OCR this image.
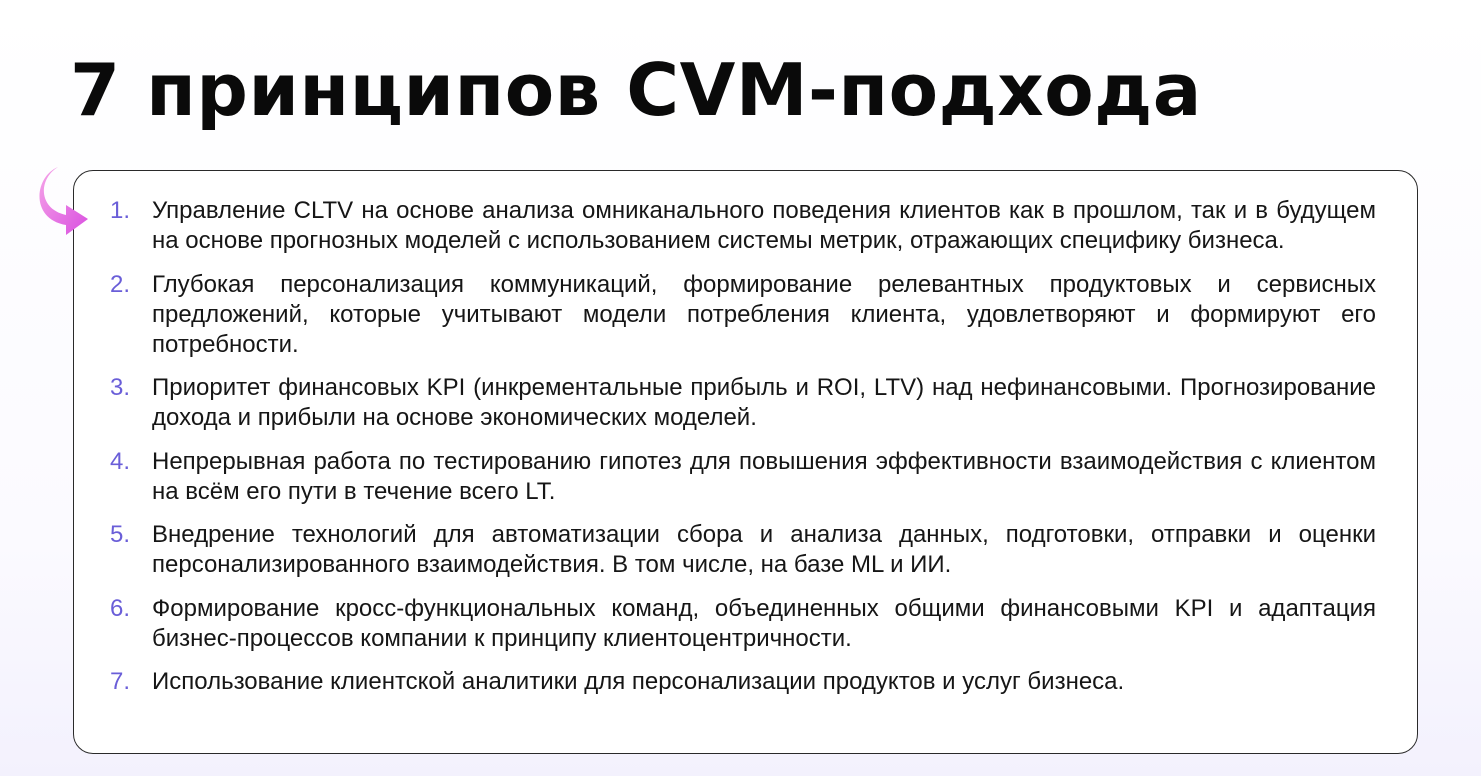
7 принципов CVM-подхода
1. Управление CLTV на основе анализа омниканального поведения клиентов как в прошлом, так и в будущем на основе прогнозных моделей с использованием системы метрик, отражающих специфику бизнеса.
2. Глубокая персонализация коммуникаций, формирование релевантных продуктовых и сервисных предложений, которые учитывают модели потребления клиента, удовлетворяют и формируют его потребности.
3. Приоритет финансовых KPI (инкрементальные прибыль и ROI, LTV) над нефинансовыми. Прогнозирование дохода и прибыли на основе экономических моделей.
4. Непрерывная работа по тестированию гипотез для повышения эффективности взаимодействия с клиентом на всём его пути в течение всего LT.
5. Внедрение технологий для автоматизации сбора и анализа данных, подготовки, отправки и оценки персонализированного взаимодействия. В том числе, на базе ML и ИИ.
6. Формирование кросс-функциональных команд, объединенных общими финансовыми KPI и адаптация бизнес-процессов компании к принципу клиентоцентричности.
7. Использование клиентской аналитики для персонализации продуктов и услуг бизнеса.
